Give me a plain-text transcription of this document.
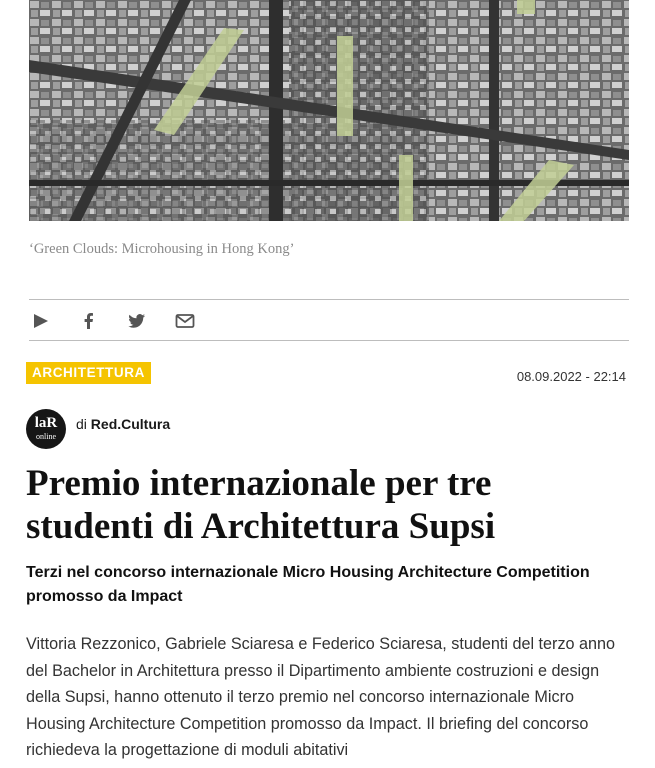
‘Green Clouds: Microhousing in Hong Kong’
ARCHITETTURA	08.09.2022 - 22:14
laR
online
di Red.Cultura
Premio internazionale per tre studenti di Architettura Supsi

Terzi nel concorso internazionale Micro Housing Architecture Competition promosso da Impact

Vittoria Rezzonico, Gabriele Sciaresa e Federico Sciaresa, studenti del terzo anno del Bachelor in Architettura presso il Dipartimento ambiente costruzioni e design della Supsi, hanno ottenuto il terzo premio nel concorso internazionale Micro Housing Architecture Competition promosso da Impact. Il briefing del concorso richiedeva la progettazione di moduli abitativi
